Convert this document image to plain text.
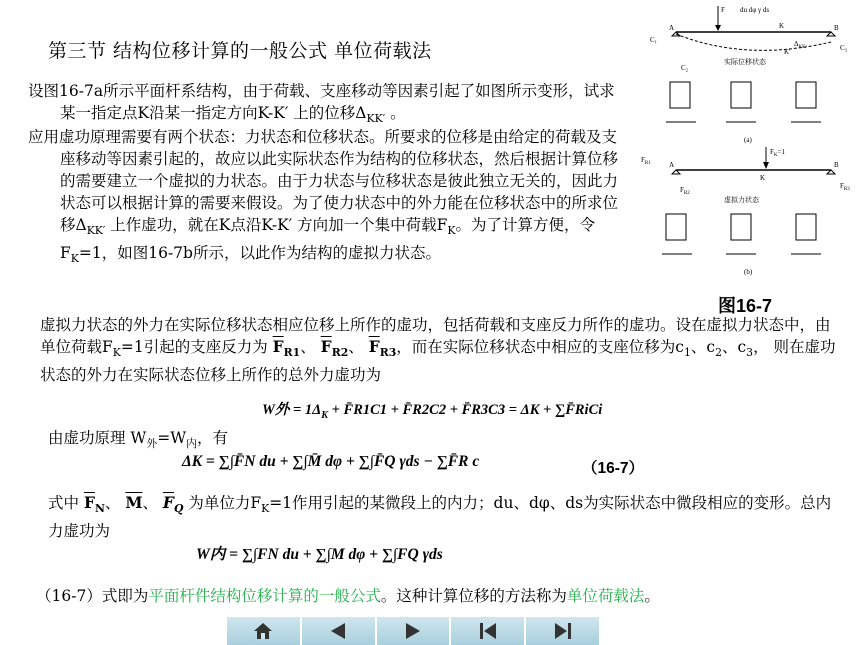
第三节 结构位移计算的一般公式 单位荷载法
设图16-7a所示平面杆系结构，由于荷载、支座移动等因素引起了如图所示变形，试求某一指定点K沿某一指定方向K-K′ 上的位移$\Delta_{KK'}$ 。
应用虚功原理需要有两个状态：力状态和位移状态。所要求的位移是由给定的荷载及支座移动等因素引起的，故应以此实际状态作为结构的位移状态，然后根据计算位移的需要建立一个虚拟的力状态。由于力状态与位移状态是彼此独立无关的，因此力状态可以根据计算的需要来假设。为了使力状态中的外力能在位移状态中的所求位移$\Delta_{KK'}$ 上作虚功，就在K点沿K-K′ 方向加一个集中荷载$F_K$。为了计算方便，令$F_K=1$，如图16-7b所示，以此作为结构的虚拟力状态。
F du dφ γ ds
A	B
K
K′
C₁
C₂
C₃
$\Delta_{KK'}$
实际位移状态
(a)
$F_K=1$
A	B
K
$F_{R1}$
$F_{R2}$
$F_{R3}$
虚拟力状态
(b)
图16-7
虚拟力状态的外力在实际位移状态相应位移上所作的虚功，包括荷载和支座反力所作的虚功。设在虚拟力状态中，由单位荷载$F_K=1$引起的支座反力为 $\overline{F}_{R1}$、 $\overline{F}_{R2}$、 $\overline{F}_{R3}$，而在实际位移状态中相应的支座位移为$c_1$、$c_2$、$c_3$， 则在虚功状态的外力在实际状态位移上所作的总外力虚功为
W外 = $1\Delta_K$ + F̄R1C1 + F̄R2C2 + F̄R3C3 = ΔK + ∑F̄RiCi
由虚功原理 $W_外=W_内$，有
ΔK = ∑∫F̄N du + ∑∫M̄ dφ + ∑∫F̄Q γds − ∑F̄R c	（16-7）
式中 $\overline{F}_N$、 $\overline{M}$、 $\overline{F}_Q$ 为单位力$F_K=1$作用引起的某微段上的内力；du、dφ、ds为实际状态中微段相应的变形。总内力虚功为
W内 = ∑∫FN du + ∑∫M dφ + ∑∫FQ γds
（16-7）式即为平面杆件结构位移计算的一般公式。这种计算位移的方法称为单位荷载法。
